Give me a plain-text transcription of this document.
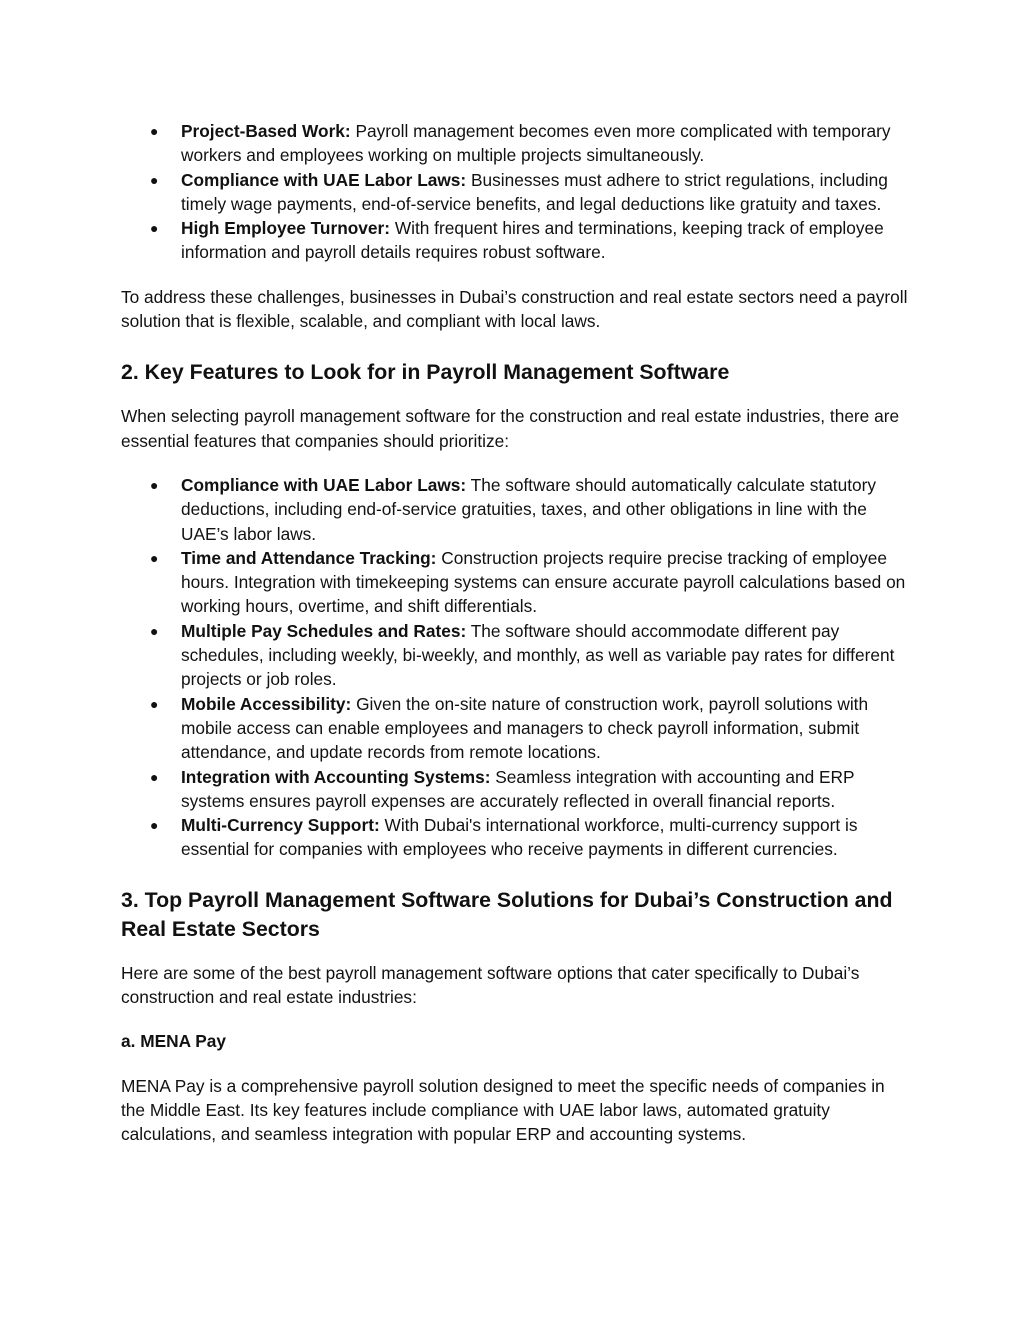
● Project-Based Work: Payroll management becomes even more complicated with temporary workers and employees working on multiple projects simultaneously.
● Compliance with UAE Labor Laws: Businesses must adhere to strict regulations, including timely wage payments, end-of-service benefits, and legal deductions like gratuity and taxes.
● High Employee Turnover: With frequent hires and terminations, keeping track of employee information and payroll details requires robust software.

To address these challenges, businesses in Dubai’s construction and real estate sectors need a payroll solution that is flexible, scalable, and compliant with local laws.

2. Key Features to Look for in Payroll Management Software

When selecting payroll management software for the construction and real estate industries, there are essential features that companies should prioritize:

● Compliance with UAE Labor Laws: The software should automatically calculate statutory deductions, including end-of-service gratuities, taxes, and other obligations in line with the UAE’s labor laws.
● Time and Attendance Tracking: Construction projects require precise tracking of employee hours. Integration with timekeeping systems can ensure accurate payroll calculations based on working hours, overtime, and shift differentials.
● Multiple Pay Schedules and Rates: The software should accommodate different pay schedules, including weekly, bi-weekly, and monthly, as well as variable pay rates for different projects or job roles.
● Mobile Accessibility: Given the on-site nature of construction work, payroll solutions with mobile access can enable employees and managers to check payroll information, submit attendance, and update records from remote locations.
● Integration with Accounting Systems: Seamless integration with accounting and ERP systems ensures payroll expenses are accurately reflected in overall financial reports.
● Multi-Currency Support: With Dubai's international workforce, multi-currency support is essential for companies with employees who receive payments in different currencies.
3. Top Payroll Management Software Solutions for Dubai’s Construction and Real Estate Sectors

Here are some of the best payroll management software options that cater specifically to Dubai’s construction and real estate industries:

a. MENA Pay

MENA Pay is a comprehensive payroll solution designed to meet the specific needs of companies in the Middle East. Its key features include compliance with UAE labor laws, automated gratuity calculations, and seamless integration with popular ERP and accounting systems.
